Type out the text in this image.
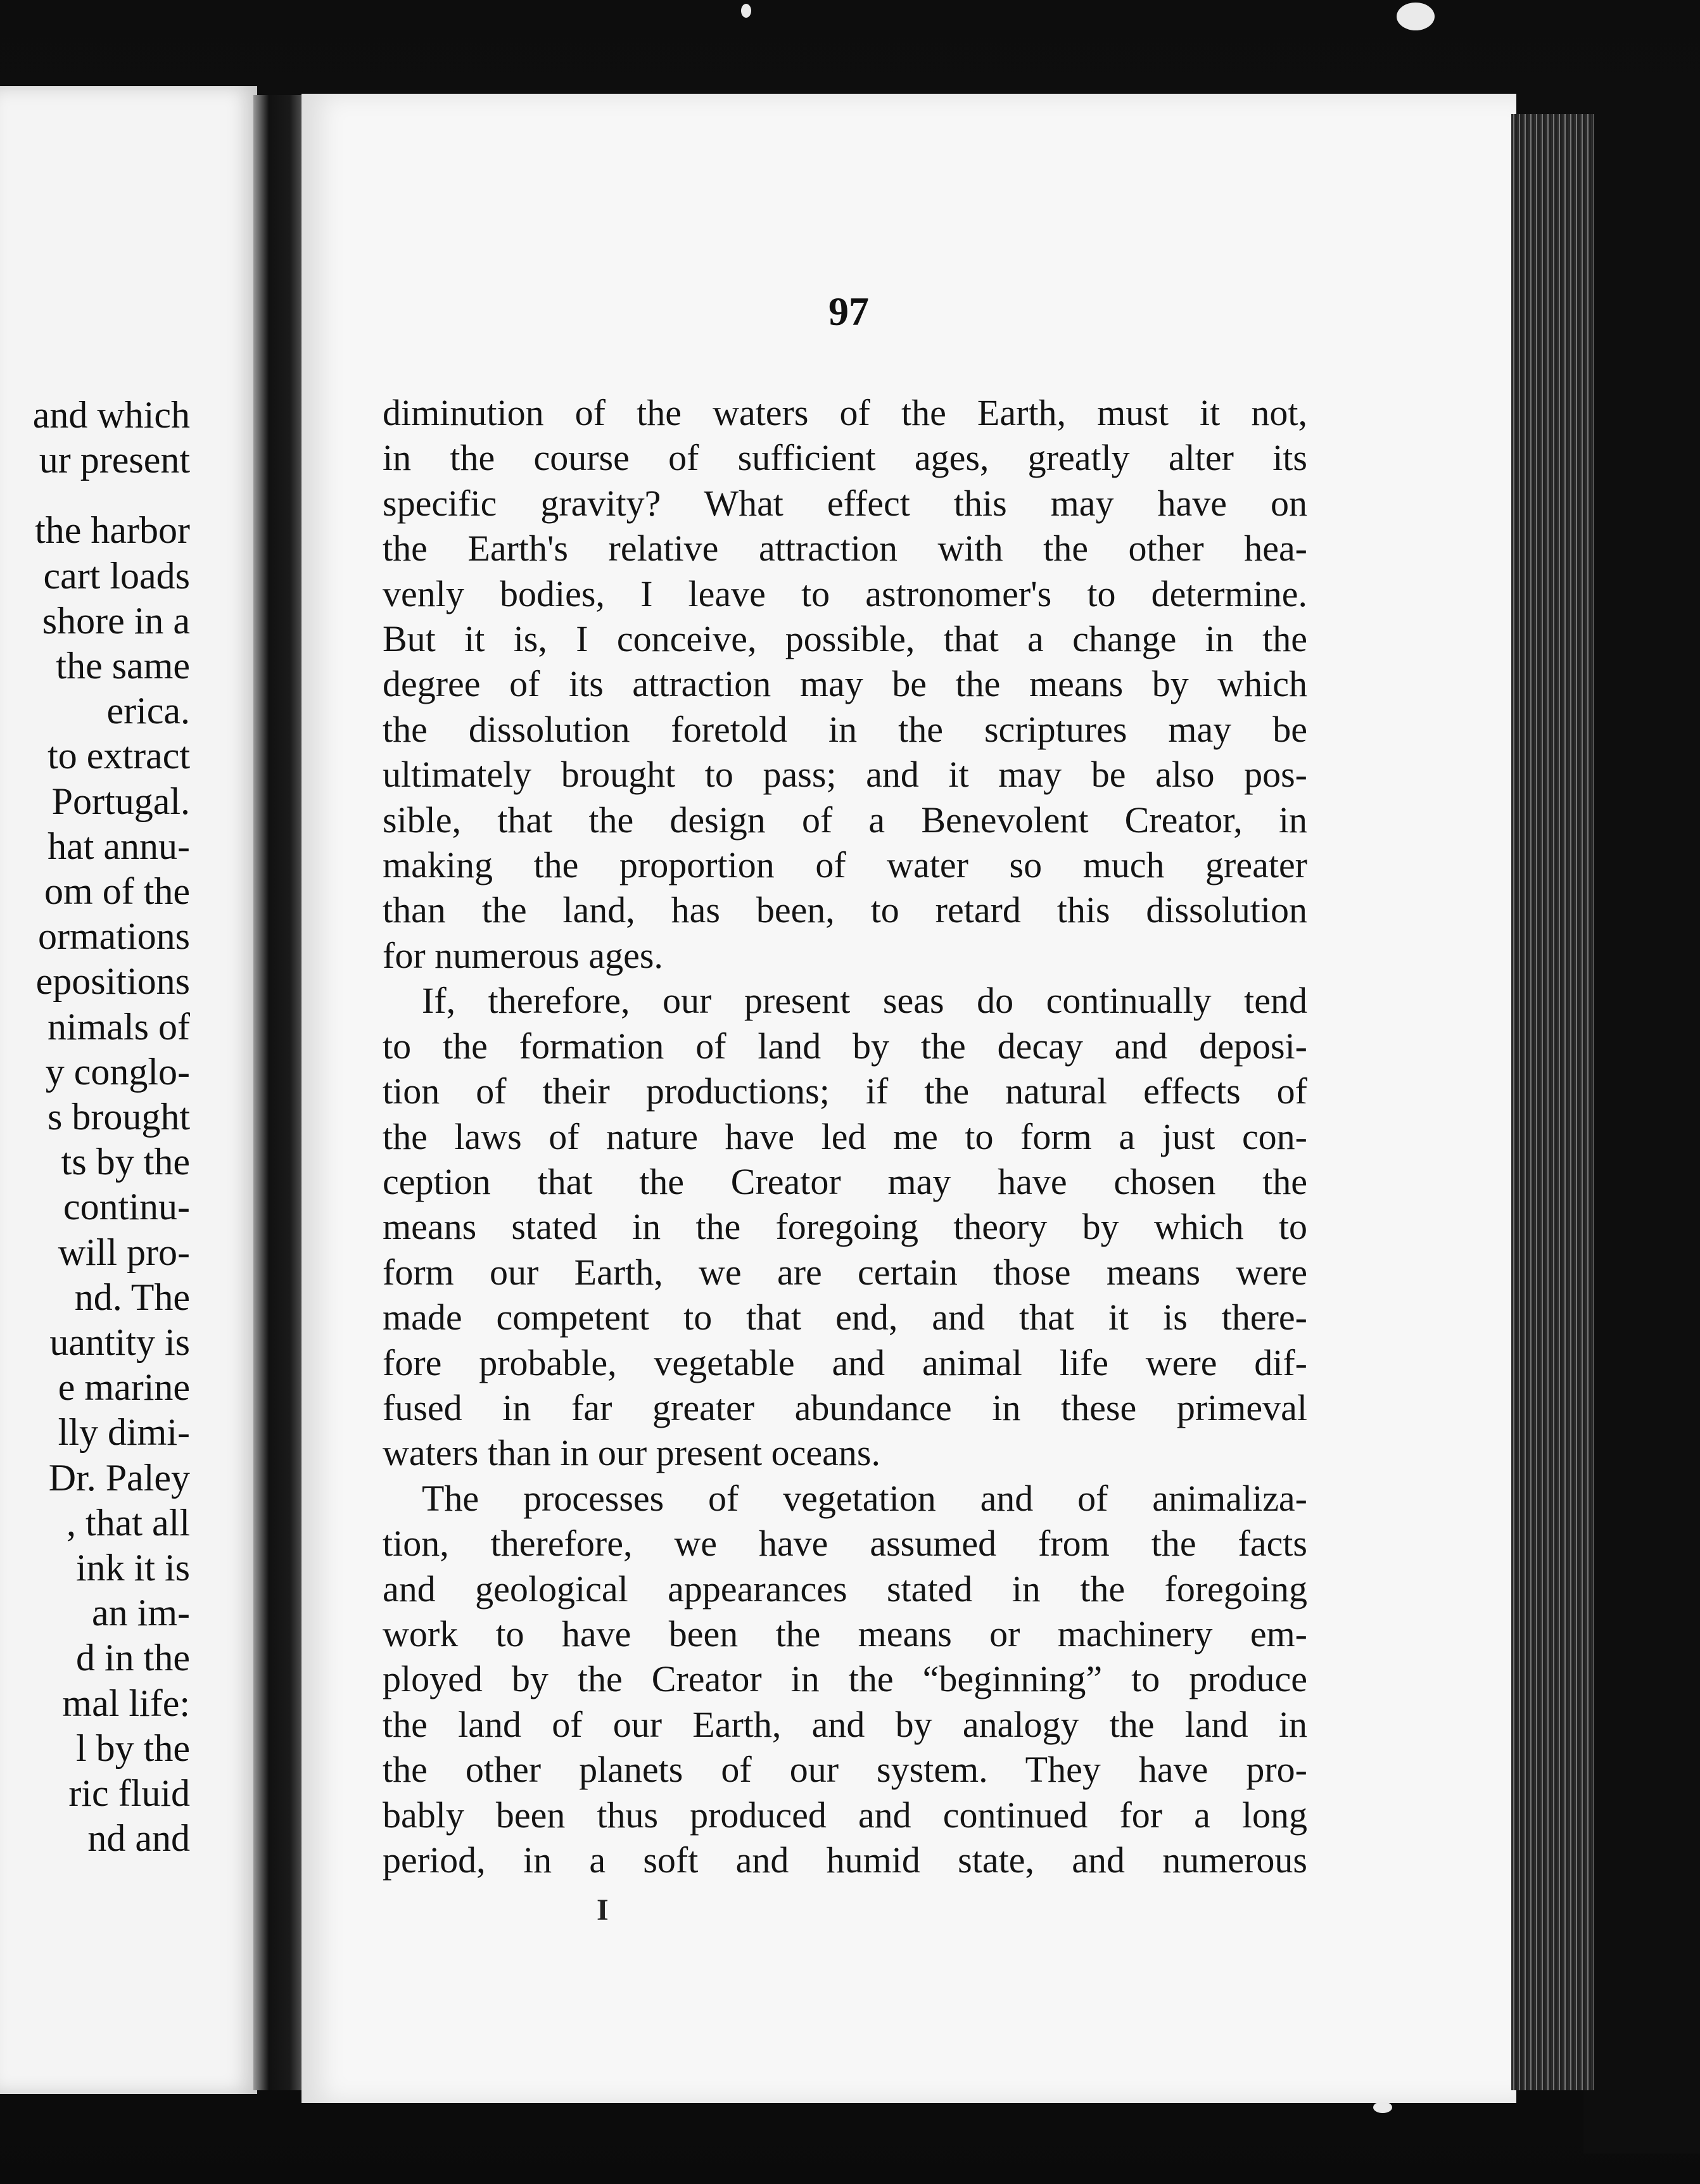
and which
ur present

the harbor
cart loads
shore in a
the same
erica.
to extract
Portugal.
hat annu-
om of the
ormations
epositions
nimals of
y conglo-
s brought
ts by the
continu-
will pro-
nd. The
uantity is
e marine
lly dimi-
Dr. Paley
, that all
ink it is
an im-
d in the
mal life:
l by the
ric fluid
nd and
97
diminution of the waters of the Earth, must it not,
in the course of sufficient ages, greatly alter its
specific gravity? What effect this may have on
the Earth's relative attraction with the other hea-
venly bodies, I leave to astronomer's to determine.
But it is, I conceive, possible, that a change in the
degree of its attraction may be the means by which
the dissolution foretold in the scriptures may be
ultimately brought to pass; and it may be also pos-
sible, that the design of a Benevolent Creator, in
making the proportion of water so much greater
than the land, has been, to retard this dissolution
for numerous ages.
If, therefore, our present seas do continually tend
to the formation of land by the decay and deposi-
tion of their productions; if the natural effects of
the laws of nature have led me to form a just con-
ception that the Creator may have chosen the
means stated in the foregoing theory by which to
form our Earth, we are certain those means were
made competent to that end, and that it is there-
fore probable, vegetable and animal life were dif-
fused in far greater abundance in these primeval
waters than in our present oceans.
The processes of vegetation and of animaliza-
tion, therefore, we have assumed from the facts
and geological appearances stated in the foregoing
work to have been the means or machinery em-
ployed by the Creator in the “beginning” to produce
the land of our Earth, and by analogy the land in
the other planets of our system. They have pro-
bably been thus produced and continued for a long
period, in a soft and humid state, and numerous
I
